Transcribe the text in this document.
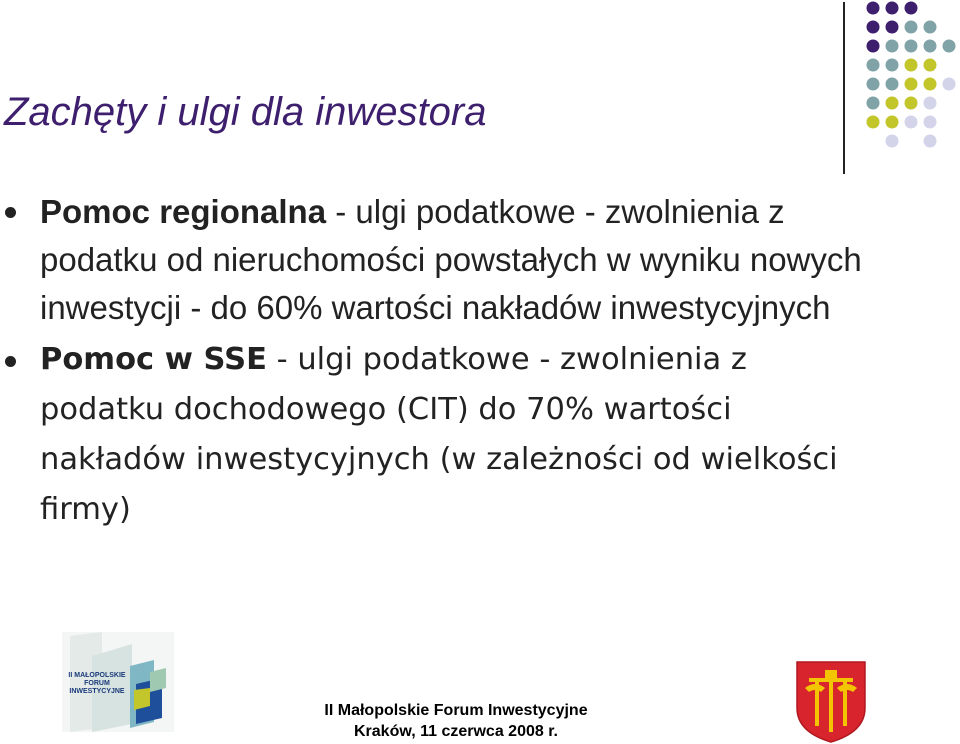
Zachęty i ulgi dla inwestora
Pomoc regionalna - ulgi podatkowe - zwolnienia z podatku od nieruchomości powstałych w wyniku nowych inwestycji - do 60% wartości nakładów inwestycyjnych
Pomoc w SSE - ulgi podatkowe - zwolnienia z podatku dochodowego (CIT) do 70% wartości nakładów inwestycyjnych (w zależności od wielkości firmy)
II MAŁOPOLSKIE
FORUM
INWESTYCYJNE
II Małopolskie Forum Inwestycyjne
Kraków, 11 czerwca 2008 r.
